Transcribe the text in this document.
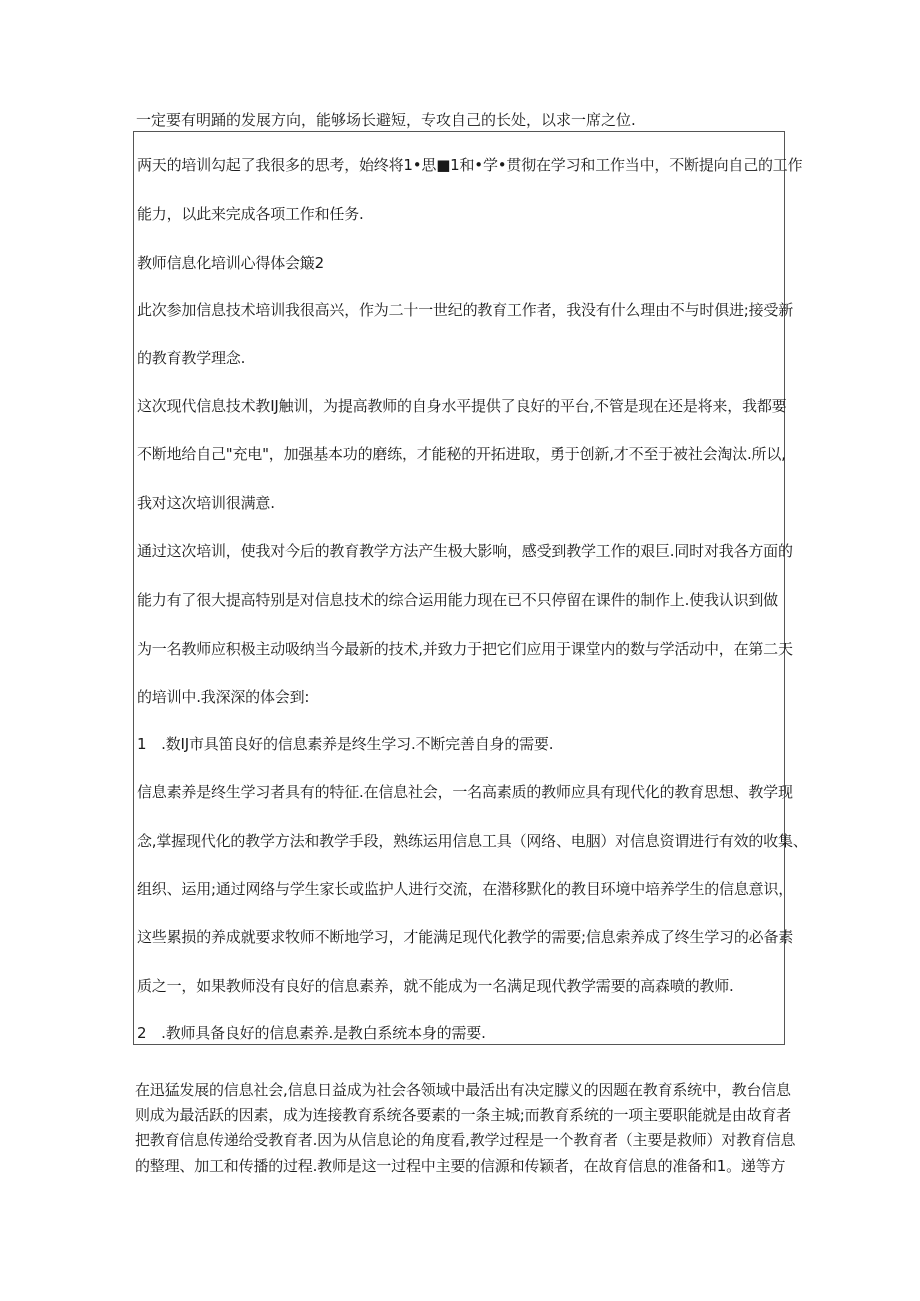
一定要有明踊的发展方向，能够场长避短，专攻自己的长处，以求一席之位.
两天的培训勾起了我很多的思考，始终将1•思■1和•学•贯彻在学习和工作当中，不断提向自己的工作
能力，以此来完成各项工作和任务.
教师信息化培训心得体会簸2
此次参加信息技术培训我很高兴，作为二十一世纪的教育工作者，我没有什么理由不与时俱进;接受新
的教育教学理念.
这次现代信息技术教IJ触训，为提高教师的自身水平提供了良好的平台,不管是现在还是将来，我都要
不断地给自己"充电"，加强基本功的磨练，才能秘的开拓进取，勇于创新,才不至于被社会淘汰.所以,
我对这次培训很满意.
通过这次培训，使我对今后的教育教学方法产生极大影响，感受到教学工作的艰巨.同时对我各方面的
能力有了很大提高特别是对信息技术的综合运用能力现在已不只停留在课件的制作上.使我认识到做
为一名教师应积极主动吸纳当今最新的技术,并致力于把它们应用于课堂内的数与学活动中，在第二天
的培训中.我深深的体会到:
1　.数IJ市具笛良好的信息素养是终生学习.不断完善自身的需要.
信息素养是终生学习者具有的特征.在信息社会，一名高素质的教师应具有现代化的教育思想、教学现
念,掌握现代化的教学方法和教学手段，熟练运用信息工具（网络、电胭）对信息资谓进行有效的收集、
组织、运用;通过网络与学生家长或监护人进行交流，在潜移默化的教目环境中培养学生的信息意识，
这些累损的养成就要求牧师不断地学习，才能满足现代化教学的需要;信息索养成了终生学习的必备素
质之一，如果教师没有良好的信息素养，就不能成为一名满足现代教学需要的高森喷的教师.
2　.教师具备良好的信息素养.是教白系统本身的需要.
在迅猛发展的信息社会,信息日益成为社会各领域中最活出有决定朦义的因题在教育系统中，教台信息
则成为最活跃的因素，成为连接教育系统各要素的一条主城;而教育系统的一项主要职能就是由故育者
把教育信息传递给受教育者.因为从信息论的角度看,教学过程是一个教育者（主要是救师）对教育信息
的整理、加工和传播的过程.教师是这一过程中主要的信源和传颖者，在故育信息的准备和1。递等方
